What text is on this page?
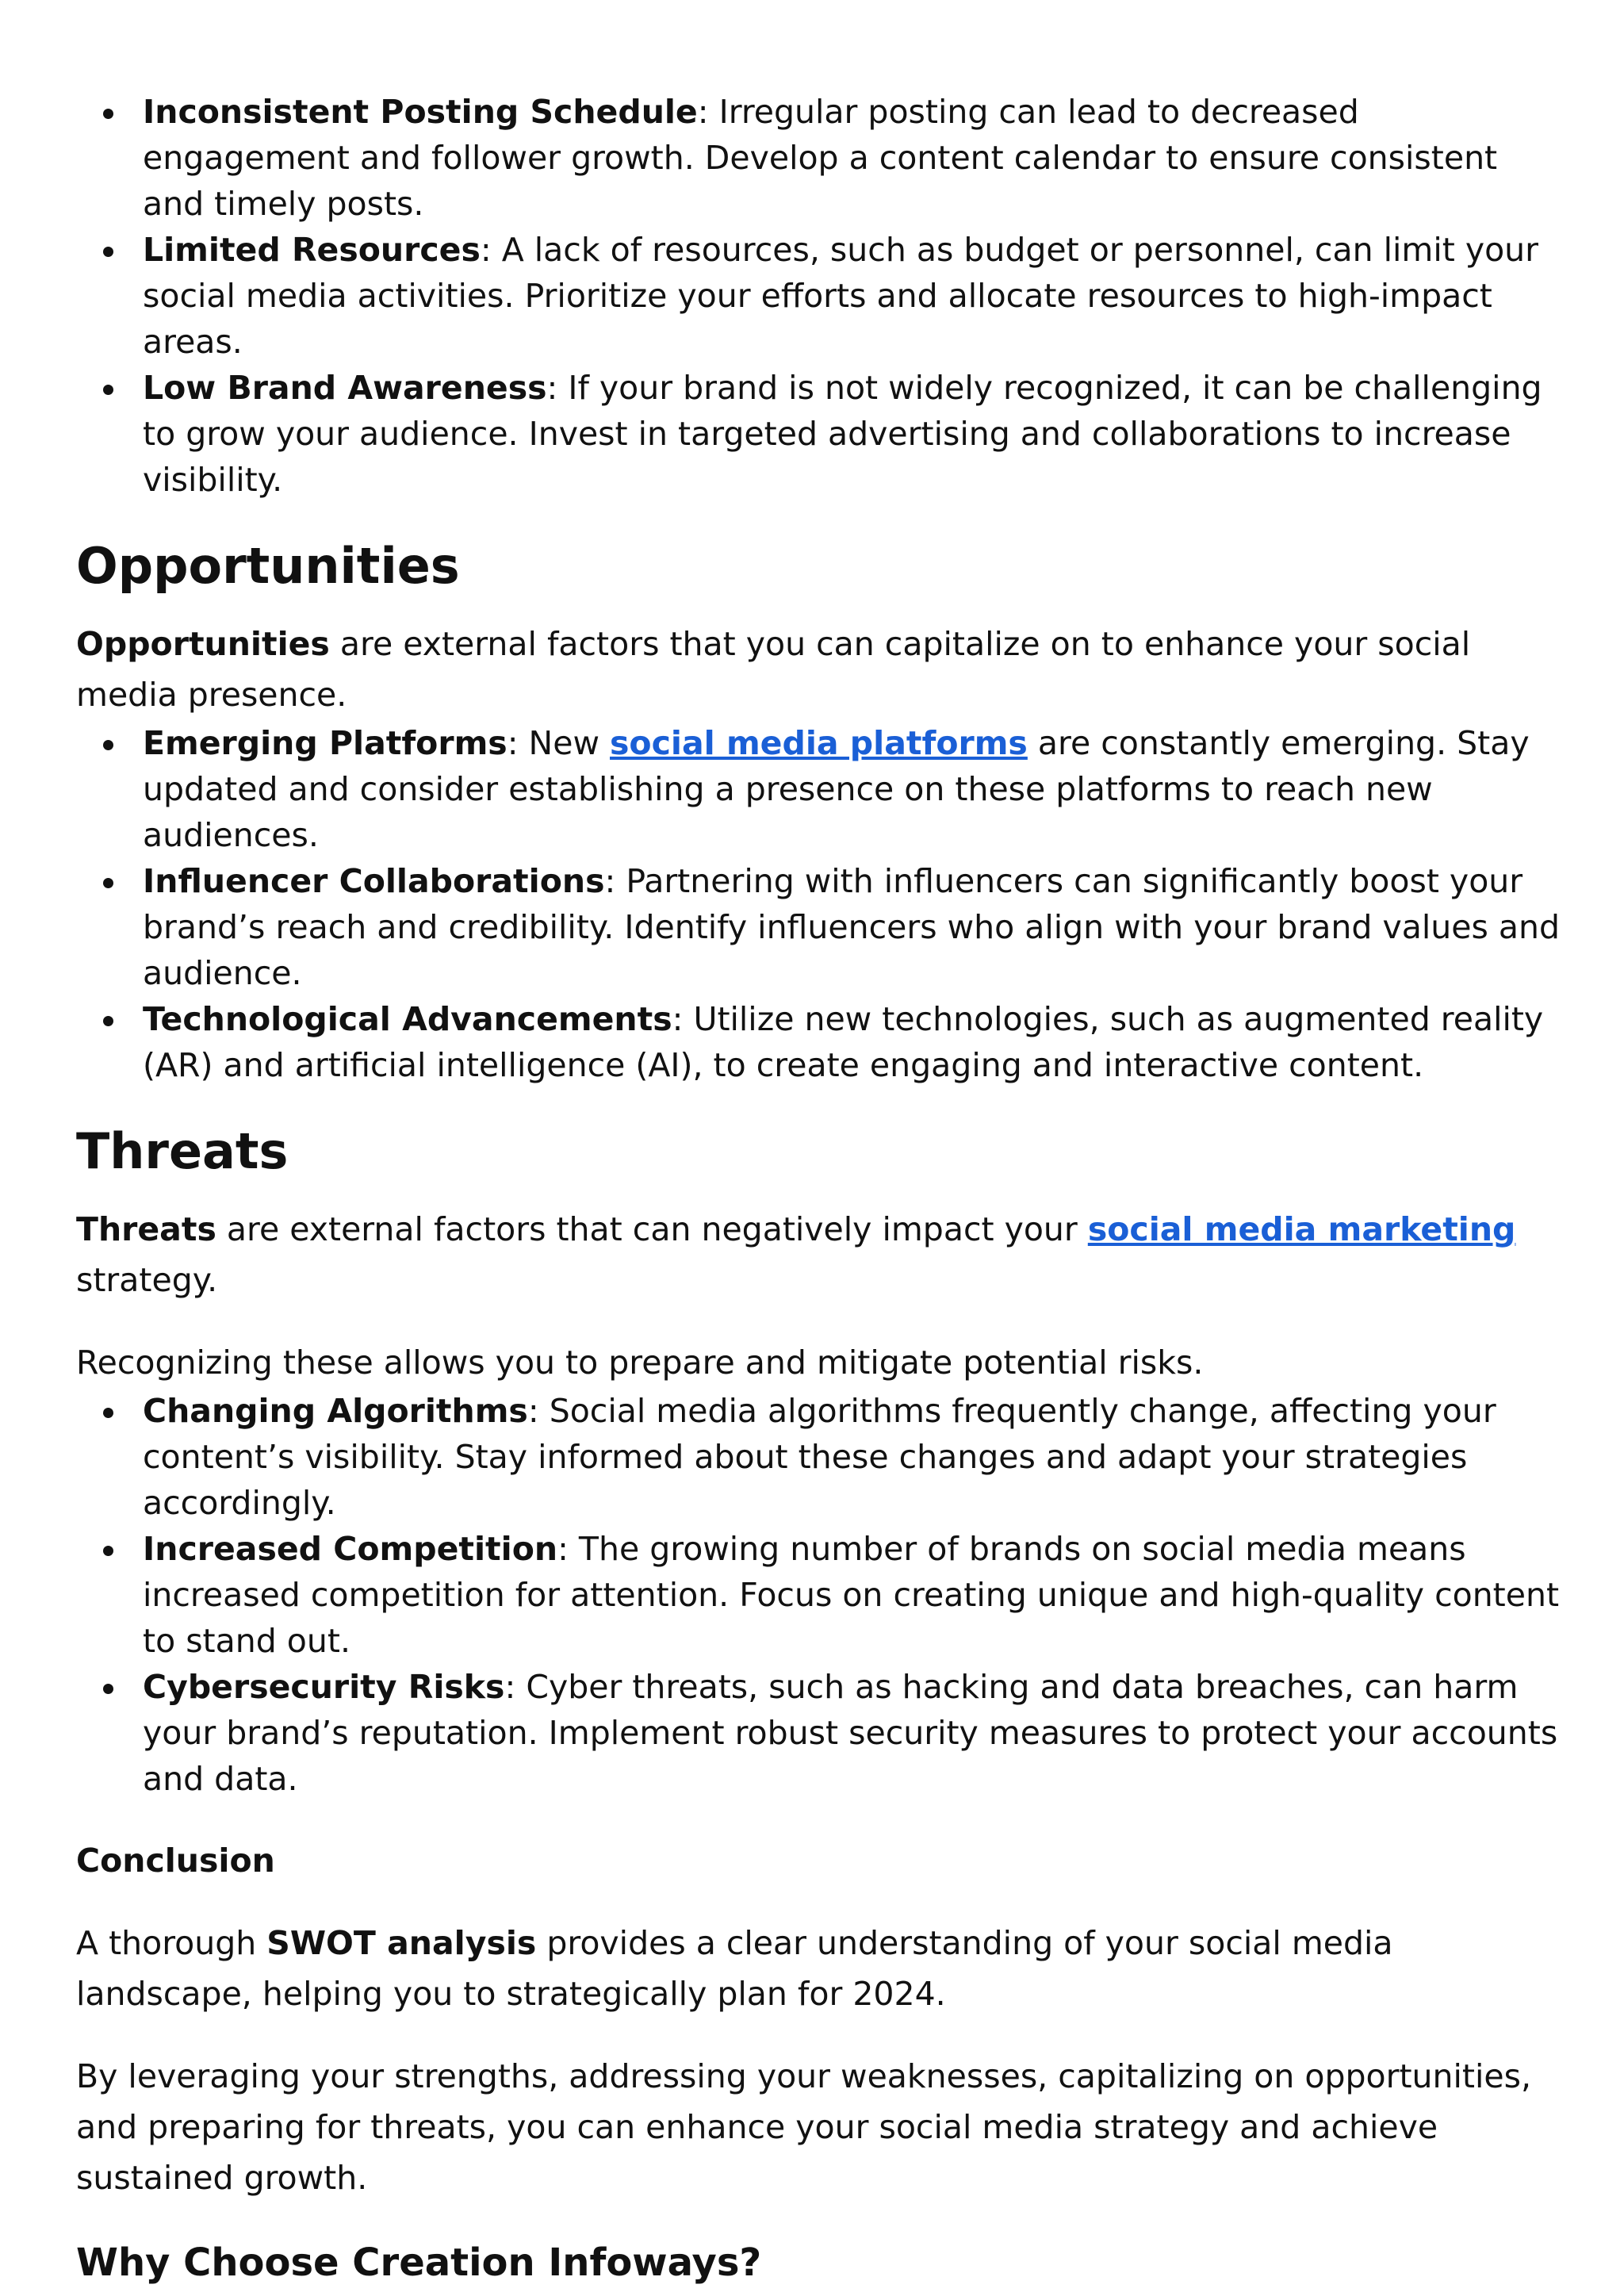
Inconsistent Posting Schedule: Irregular posting can lead to decreased engagement and follower growth. Develop a content calendar to ensure consistent and timely posts.
Limited Resources: A lack of resources, such as budget or personnel, can limit your social media activities. Prioritize your efforts and allocate resources to high-impact areas.
Low Brand Awareness: If your brand is not widely recognized, it can be challenging to grow your audience. Invest in targeted advertising and collaborations to increase visibility.
Opportunities

Opportunities are external factors that you can capitalize on to enhance your social media presence.

Emerging Platforms: New social media platforms are constantly emerging. Stay updated and consider establishing a presence on these platforms to reach new audiences.
Influencer Collaborations: Partnering with influencers can significantly boost your brand’s reach and credibility. Identify influencers who align with your brand values and audience.
Technological Advancements: Utilize new technologies, such as augmented reality (AR) and artificial intelligence (AI), to create engaging and interactive content.
Threats

Threats are external factors that can negatively impact your social media marketing strategy.

Recognizing these allows you to prepare and mitigate potential risks.

Changing Algorithms: Social media algorithms frequently change, affecting your content’s visibility. Stay informed about these changes and adapt your strategies accordingly.
Increased Competition: The growing number of brands on social media means increased competition for attention. Focus on creating unique and high-quality content to stand out.
Cybersecurity Risks: Cyber threats, such as hacking and data breaches, can harm your brand’s reputation. Implement robust security measures to protect your accounts and data.

Conclusion

A thorough SWOT analysis provides a clear understanding of your social media landscape, helping you to strategically plan for 2024.

By leveraging your strengths, addressing your weaknesses, capitalizing on opportunities, and preparing for threats, you can enhance your social media strategy and achieve sustained growth.

Why Choose Creation Infoways?
